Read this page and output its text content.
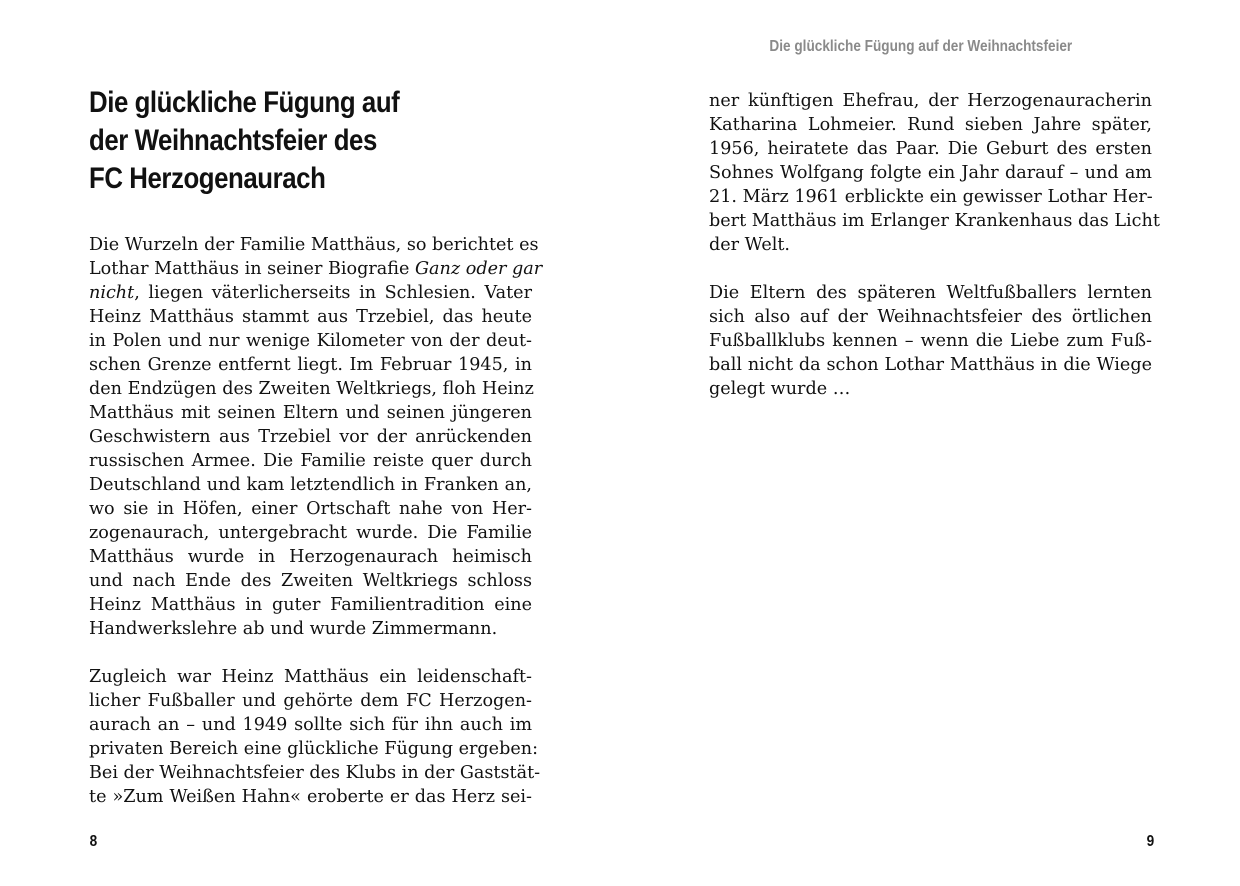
Die glückliche Fügung auf
der Weihnachtsfeier des
FC Herzogenaurach

Die Wurzeln der Familie Matthäus, so berichtet es
Lothar Matthäus in seiner Biografie Ganz oder gar
nicht, liegen väterlicherseits in Schlesien. Vater
Heinz Matthäus stammt aus Trzebiel, das heute
in Polen und nur wenige Kilometer von der deut-
schen Grenze entfernt liegt. Im Februar 1945, in
den Endzügen des Zweiten Weltkriegs, floh Heinz
Matthäus mit seinen Eltern und seinen jüngeren
Geschwistern aus Trzebiel vor der anrückenden
russischen Armee. Die Familie reiste quer durch
Deutschland und kam letztendlich in Franken an,
wo sie in Höfen, einer Ortschaft nahe von Her-
zogenaurach, untergebracht wurde. Die Familie
Matthäus wurde in Herzogenaurach heimisch
und nach Ende des Zweiten Weltkriegs schloss
Heinz Matthäus in guter Familientradition eine
Handwerkslehre ab und wurde Zimmermann.

Zugleich war Heinz Matthäus ein leidenschaft-
licher Fußballer und gehörte dem FC Herzogen-
aurach an – und 1949 sollte sich für ihn auch im
privaten Bereich eine glückliche Fügung ergeben:
Bei der Weihnachtsfeier des Klubs in der Gaststät-
te »Zum Weißen Hahn« eroberte er das Herz sei-

8
Die glückliche Fügung auf der Weihnachtsfeier

ner künftigen Ehefrau, der Herzogenauracherin
Katharina Lohmeier. Rund sieben Jahre später,
1956, heiratete das Paar. Die Geburt des ersten
Sohnes Wolfgang folgte ein Jahr darauf – und am
21. März 1961 erblickte ein gewisser Lothar Her-
bert Matthäus im Erlanger Krankenhaus das Licht
der Welt.

Die Eltern des späteren Weltfußballers lernten
sich also auf der Weihnachtsfeier des örtlichen
Fußballklubs kennen – wenn die Liebe zum Fuß-
ball nicht da schon Lothar Matthäus in die Wiege
gelegt wurde …

9
